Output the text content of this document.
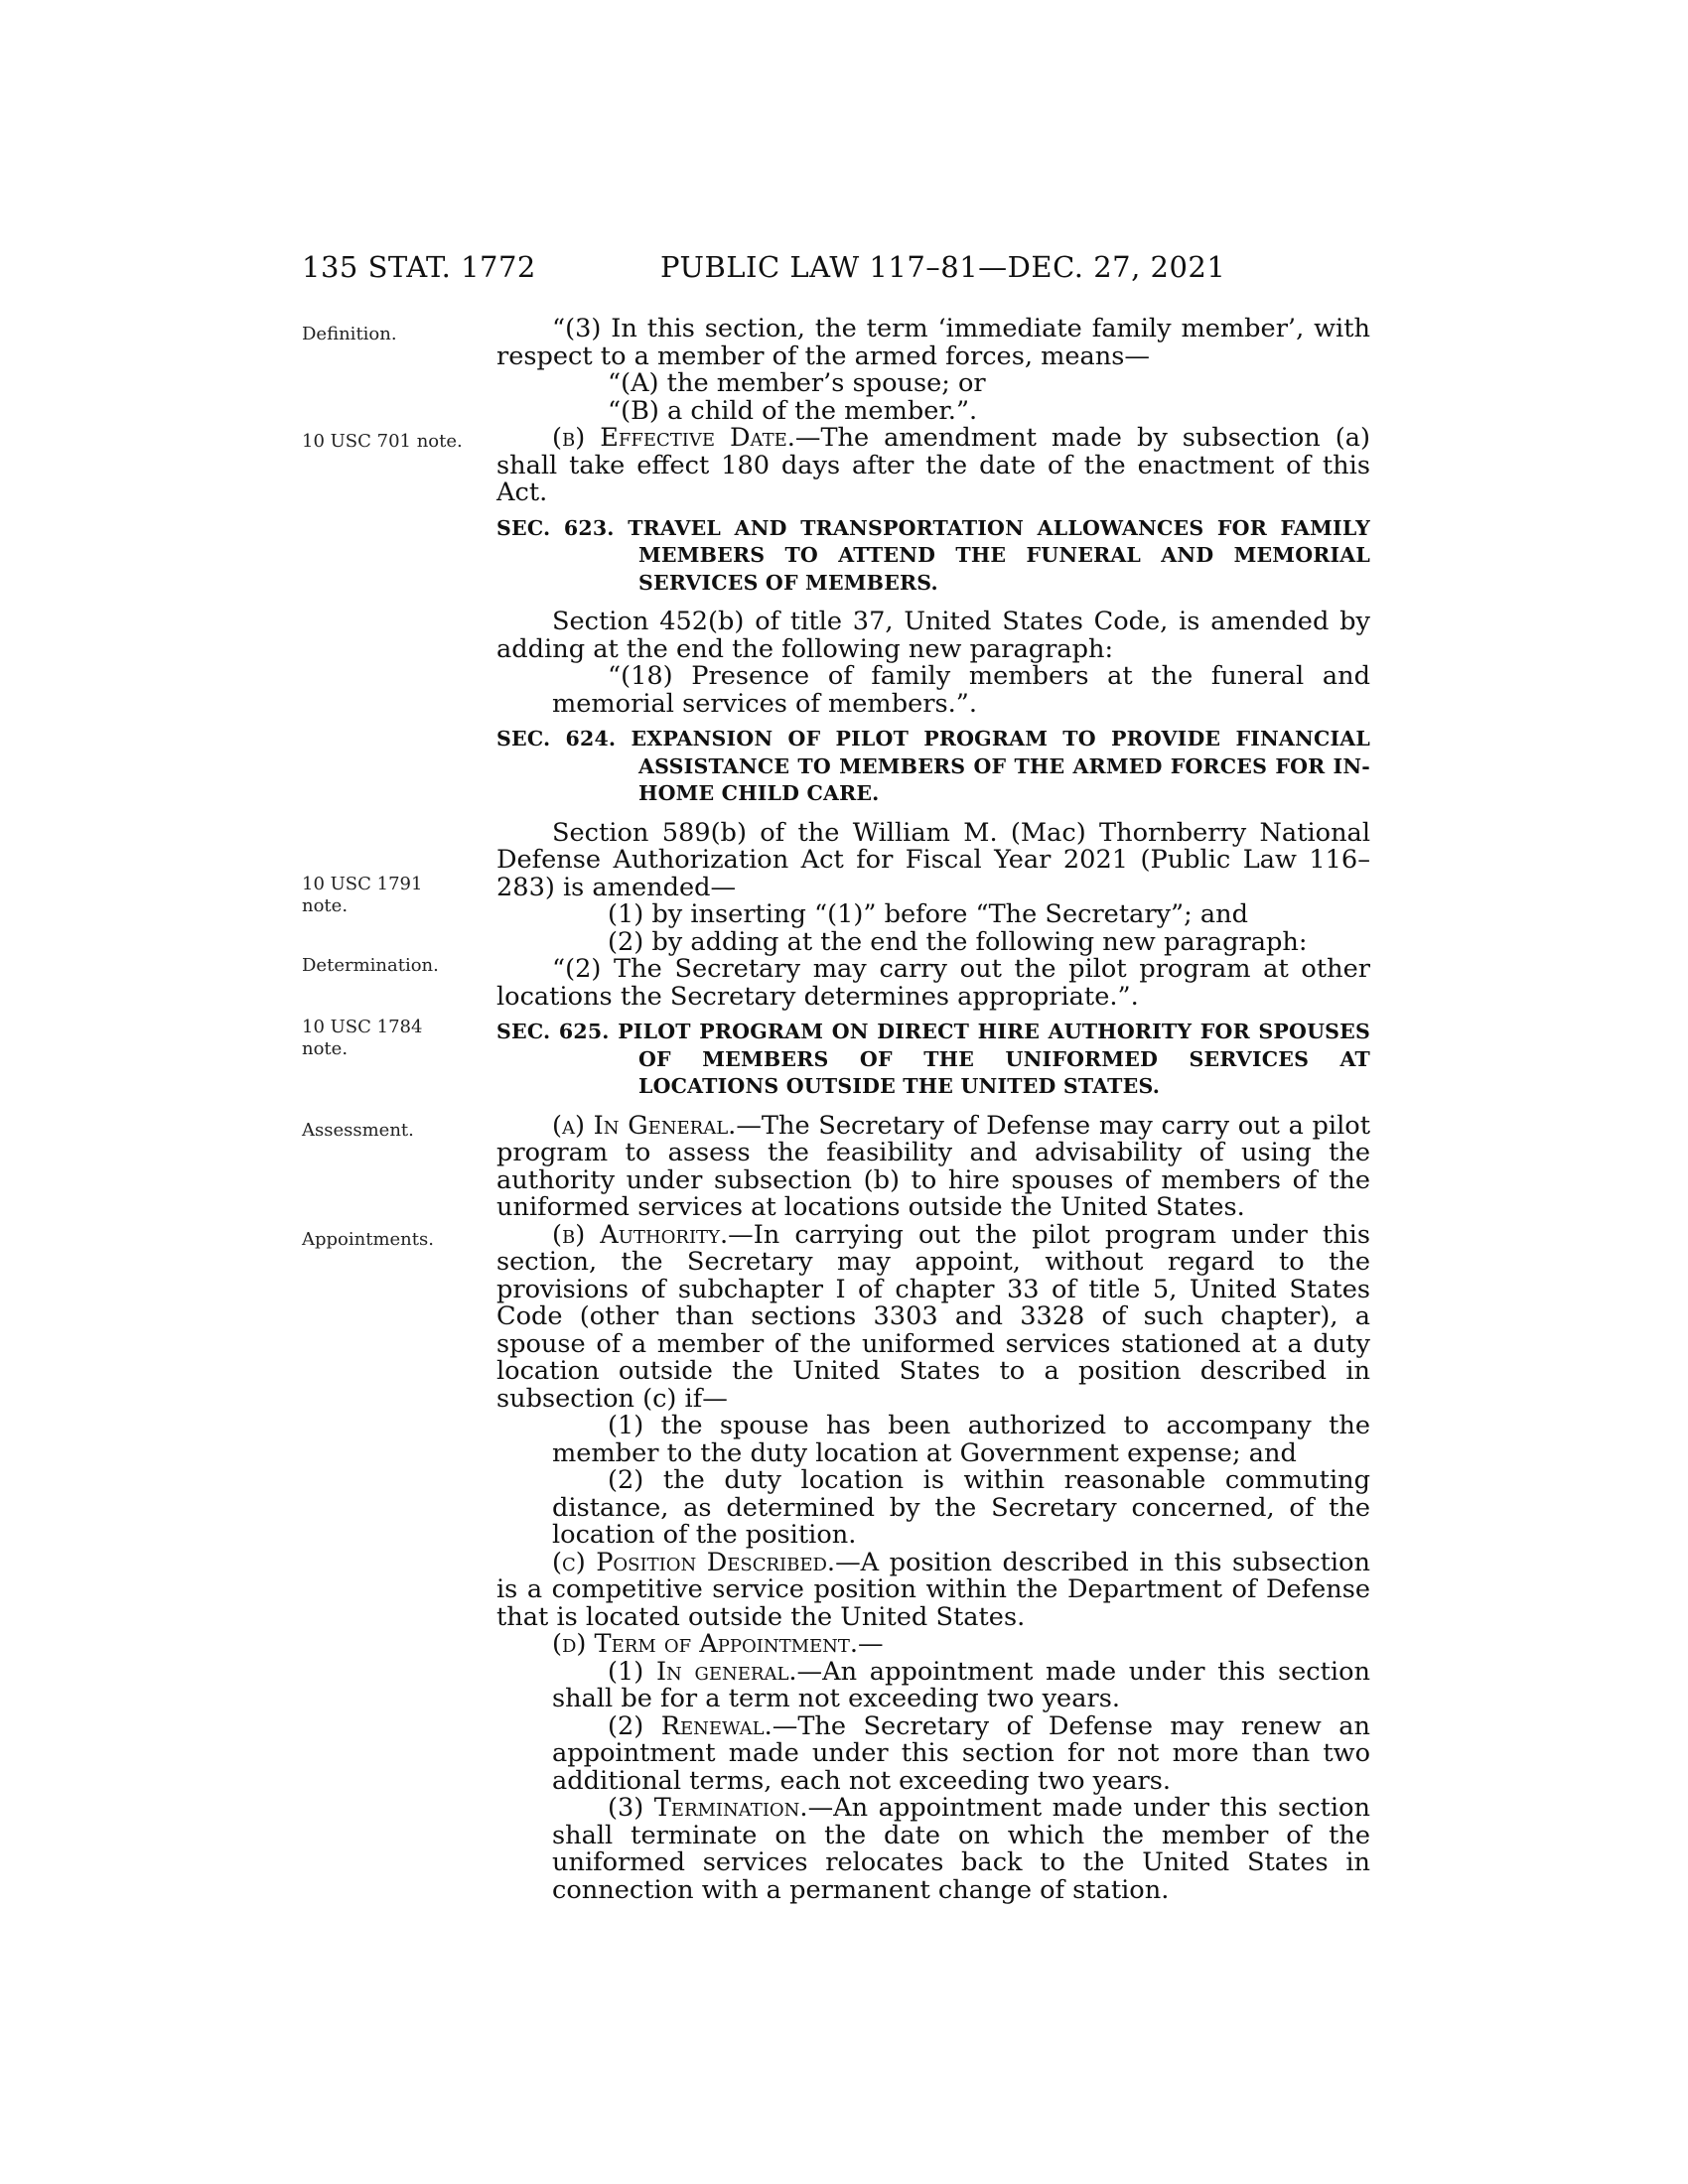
135 STAT. 1772	PUBLIC LAW 117–81—DEC. 27, 2021
Definition.
10 USC 701 note.
10 USC 1791
note.
Determination.
10 USC 1784
note.
Assessment.
Appointments.

“(3) In this section, the term ‘immediate family member’, with respect to a member of the armed forces, means—

“(A) the member’s spouse; or

“(B) a child of the member.”.

(b) Effective Date.—The amendment made by subsection (a) shall take effect 180 days after the date of the enactment of this Act.

SEC. 623. TRAVEL AND TRANSPORTATION ALLOWANCES FOR FAMILY MEMBERS TO ATTEND THE FUNERAL AND MEMORIAL SERVICES OF MEMBERS.

Section 452(b) of title 37, United States Code, is amended by adding at the end the following new paragraph:

“(18) Presence of family members at the funeral and memorial services of members.”.

SEC. 624. EXPANSION OF PILOT PROGRAM TO PROVIDE FINANCIAL ASSISTANCE TO MEMBERS OF THE ARMED FORCES FOR IN-HOME CHILD CARE.

Section 589(b) of the William M. (Mac) Thornberry National Defense Authorization Act for Fiscal Year 2021 (Public Law 116–283) is amended—

(1) by inserting “(1)” before “The Secretary”; and

(2) by adding at the end the following new paragraph:

“(2) The Secretary may carry out the pilot program at other locations the Secretary determines appropriate.”.

SEC. 625. PILOT PROGRAM ON DIRECT HIRE AUTHORITY FOR SPOUSES OF MEMBERS OF THE UNIFORMED SERVICES AT LOCATIONS OUTSIDE THE UNITED STATES.

(a) In General.—The Secretary of Defense may carry out a pilot program to assess the feasibility and advisability of using the authority under subsection (b) to hire spouses of members of the uniformed services at locations outside the United States.

(b) Authority.—In carrying out the pilot program under this section, the Secretary may appoint, without regard to the provisions of subchapter I of chapter 33 of title 5, United States Code (other than sections 3303 and 3328 of such chapter), a spouse of a member of the uniformed services stationed at a duty location outside the United States to a position described in subsection (c) if—

(1) the spouse has been authorized to accompany the member to the duty location at Government expense; and

(2) the duty location is within reasonable commuting distance, as determined by the Secretary concerned, of the location of the position.

(c) Position Described.—A position described in this subsection is a competitive service position within the Department of Defense that is located outside the United States.

(d) Term of Appointment.—

(1) In general.—An appointment made under this section shall be for a term not exceeding two years.

(2) Renewal.—The Secretary of Defense may renew an appointment made under this section for not more than two additional terms, each not exceeding two years.

(3) Termination.—An appointment made under this section shall terminate on the date on which the member of the uniformed services relocates back to the United States in connection with a permanent change of station.
